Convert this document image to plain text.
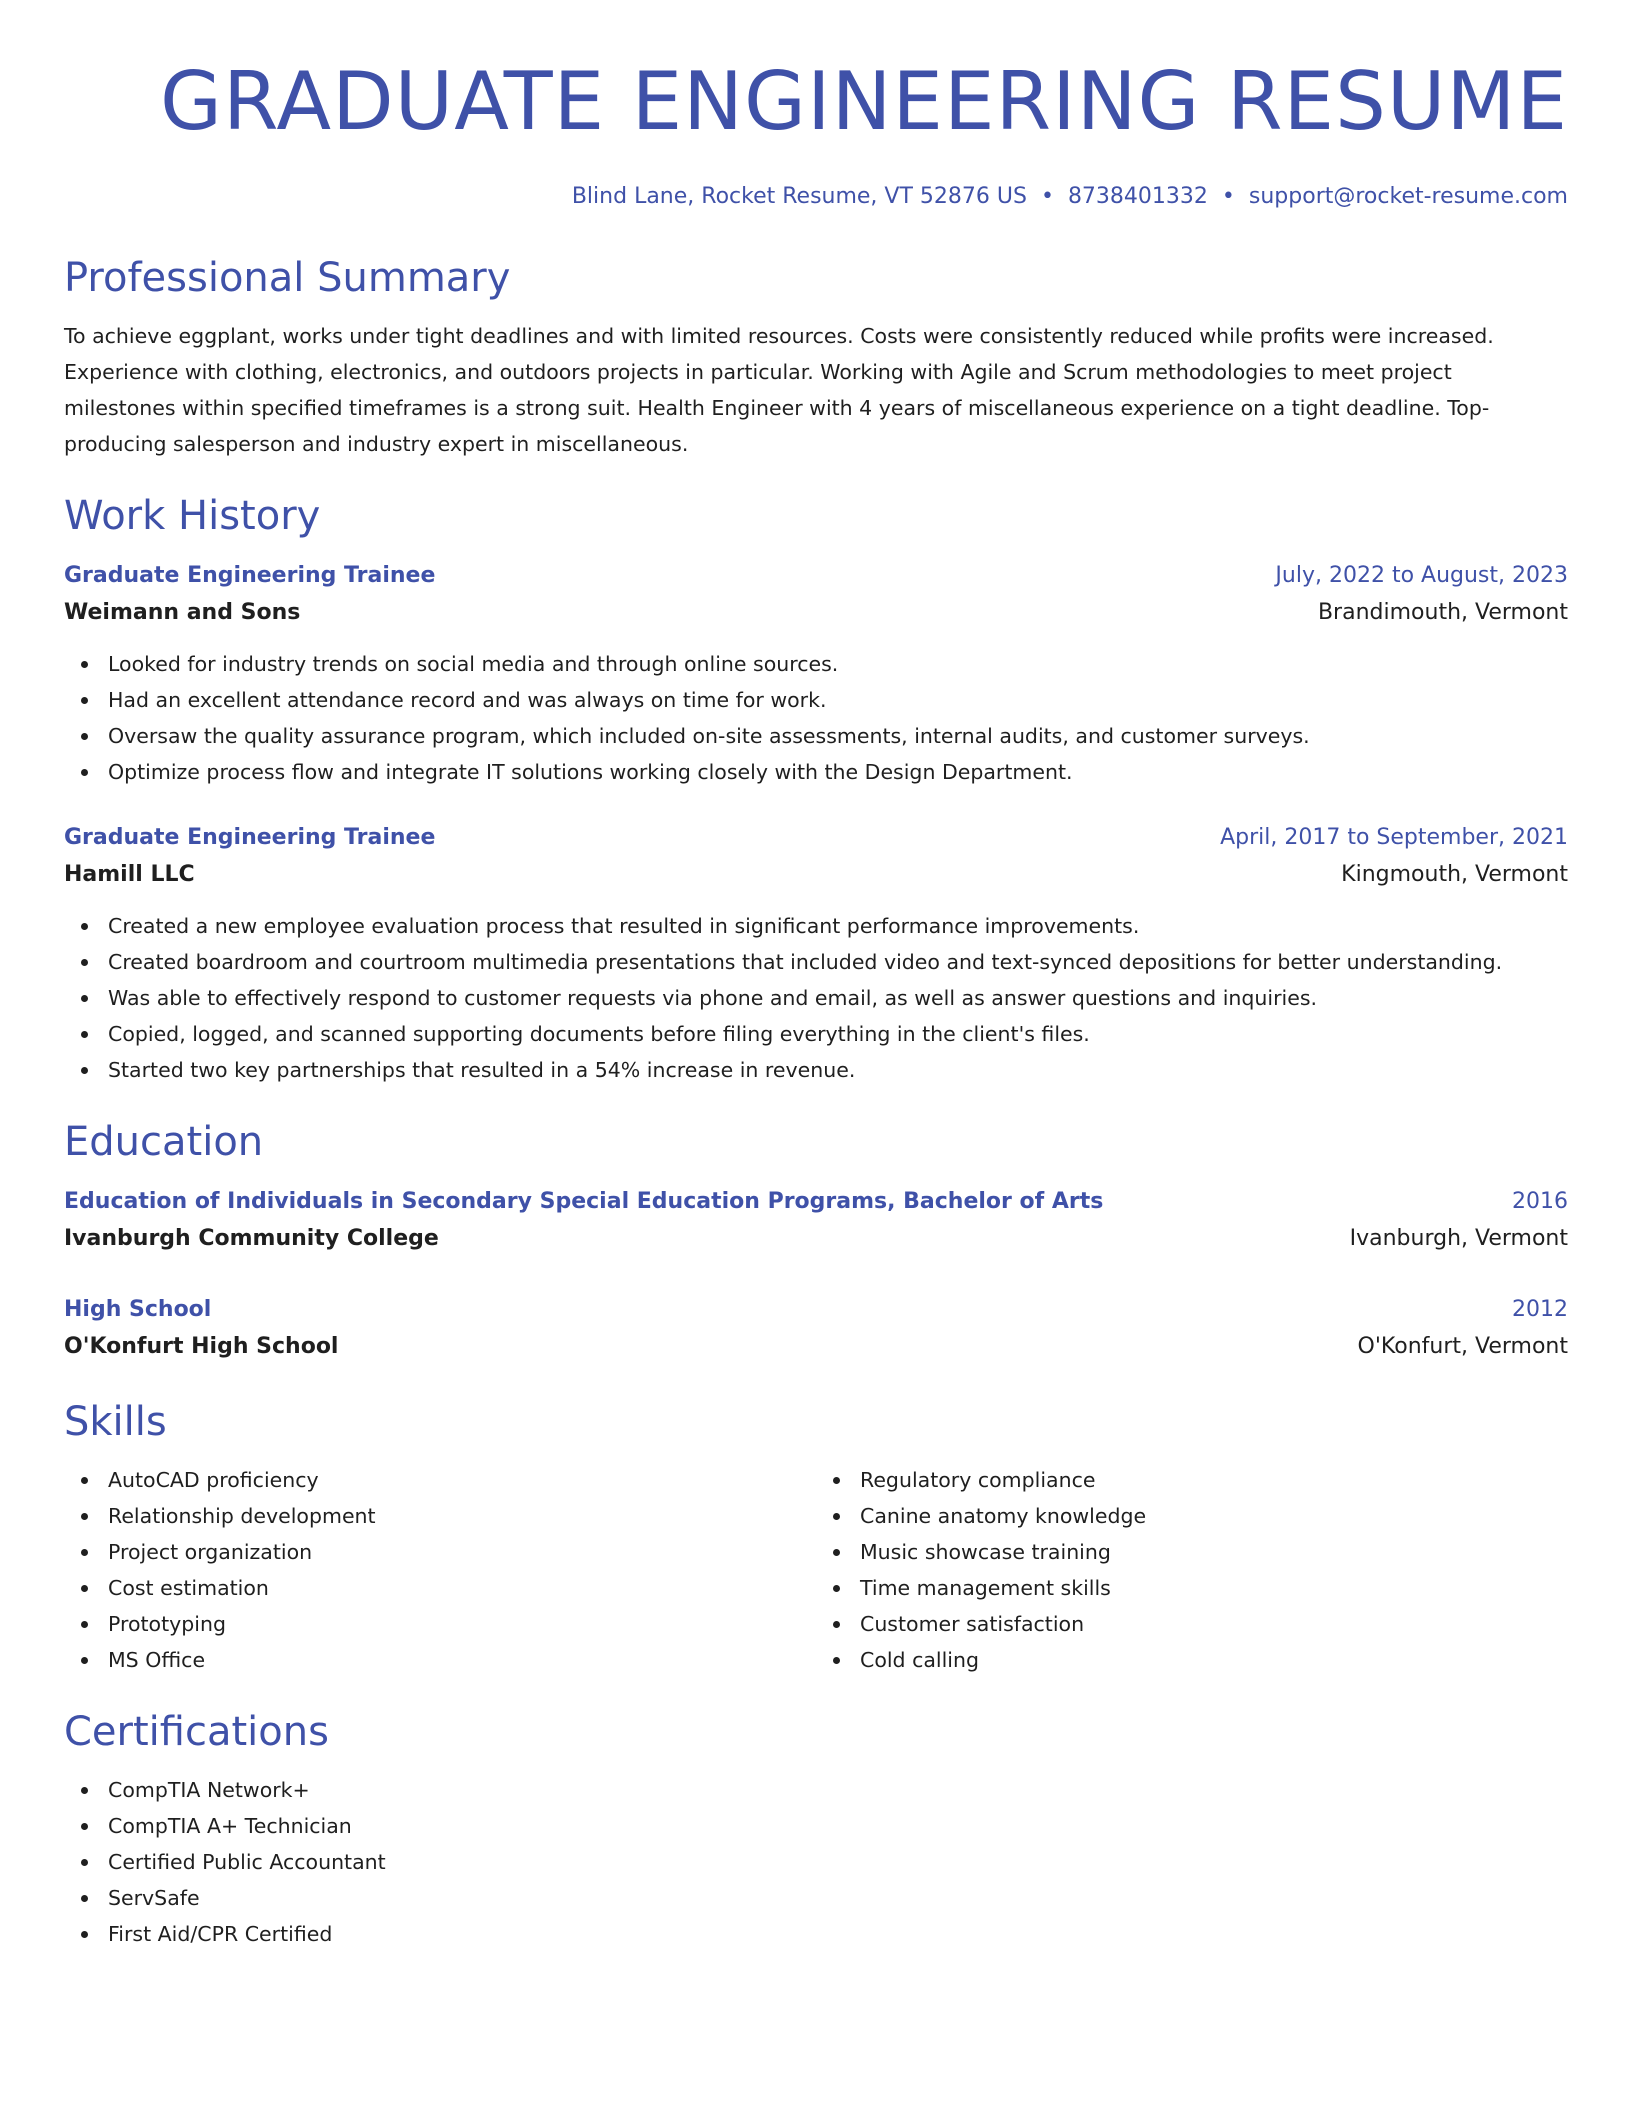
GRADUATE ENGINEERING RESUME
Blind Lane, Rocket Resume, VT 52876 US • 8738401332 • support@rocket-resume.com
Professional Summary
To achieve eggplant, works under tight deadlines and with limited resources. Costs were consistently reduced while profits were increased. Experience with clothing, electronics, and outdoors projects in particular. Working with Agile and Scrum methodologies to meet project milestones within specified timeframes is a strong suit. Health Engineer with 4 years of miscellaneous experience on a tight deadline. Top-producing salesperson and industry expert in miscellaneous.
Work History
Graduate Engineering Trainee	July, 2022 to August, 2023
Weimann and Sons	Brandimouth, Vermont
Looked for industry trends on social media and through online sources.
Had an excellent attendance record and was always on time for work.
Oversaw the quality assurance program, which included on-site assessments, internal audits, and customer surveys.
Optimize process flow and integrate IT solutions working closely with the Design Department.
Graduate Engineering Trainee	April, 2017 to September, 2021
Hamill LLC	Kingmouth, Vermont
Created a new employee evaluation process that resulted in significant performance improvements.
Created boardroom and courtroom multimedia presentations that included video and text-synced depositions for better understanding.
Was able to effectively respond to customer requests via phone and email, as well as answer questions and inquiries.
Copied, logged, and scanned supporting documents before filing everything in the client's files.
Started two key partnerships that resulted in a 54% increase in revenue.
Education
Education of Individuals in Secondary Special Education Programs, Bachelor of Arts	2016
Ivanburgh Community College	Ivanburgh, Vermont
High School	2012
O'Konfurt High School	O'Konfurt, Vermont
Skills
AutoCAD proficiency
Relationship development
Project organization
Cost estimation
Prototyping
MS Office
Regulatory compliance
Canine anatomy knowledge
Music showcase training
Time management skills
Customer satisfaction
Cold calling
Certifications
CompTIA Network+
CompTIA A+ Technician
Certified Public Accountant
ServSafe
First Aid/CPR Certified
